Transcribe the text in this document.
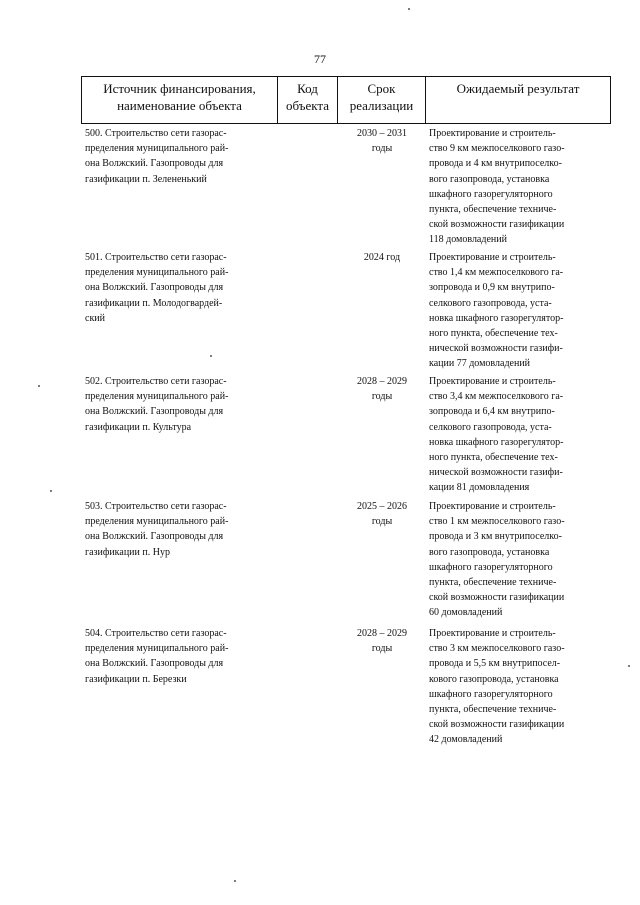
77
Источник финансирования,
наименование объекта
Код
объекта
Срок
реализации
Ожидаемый результат
500. Строительство сети газорас-
пределения муниципального рай-
она Волжский. Газопроводы для
газификации п. Зелененький
2030 – 2031
годы
Проектирование и строитель-
ство 9 км межпоселкового газо-
провода и 4 км внутрипоселко-
вого газопровода, установка
шкафного газорегуляторного
пункта, обеспечение техниче-
ской возможности газификации
118 домовладений
501. Строительство сети газорас-
пределения муниципального рай-
она Волжский. Газопроводы для
газификации п. Молодогвардей-
ский
2024 год	Проектирование и строитель-
ство 1,4 км межпоселкового га-
зопровода и 0,9 км внутрипо-
селкового газопровода, уста-
новка шкафного газорегулятор-
ного пункта, обеспечение тех-
нической возможности газифи-
кации 77 домовладений
502. Строительство сети газорас-
пределения муниципального рай-
она Волжский. Газопроводы для
газификации п. Культура
2028 – 2029
годы
Проектирование и строитель-
ство 3,4 км межпоселкового га-
зопровода и 6,4 км внутрипо-
селкового газопровода, уста-
новка шкафного газорегулятор-
ного пункта, обеспечение тех-
нической возможности газифи-
кации 81 домовладения
503. Строительство сети газорас-
пределения муниципального рай-
она Волжский. Газопроводы для
газификации п. Нур
2025 – 2026
годы
Проектирование и строитель-
ство 1 км межпоселкового газо-
провода и 3 км внутрипоселко-
вого газопровода, установка
шкафного газорегуляторного
пункта, обеспечение техниче-
ской возможности газификации
60 домовладений
504. Строительство сети газорас-
пределения муниципального рай-
она Волжский. Газопроводы для
газификации п. Березки
2028 – 2029
годы
Проектирование и строитель-
ство 3 км межпоселкового газо-
провода и 5,5 км внутрипосел-
кового газопровода, установка
шкафного газорегуляторного
пункта, обеспечение техниче-
ской возможности газификации
42 домовладений
